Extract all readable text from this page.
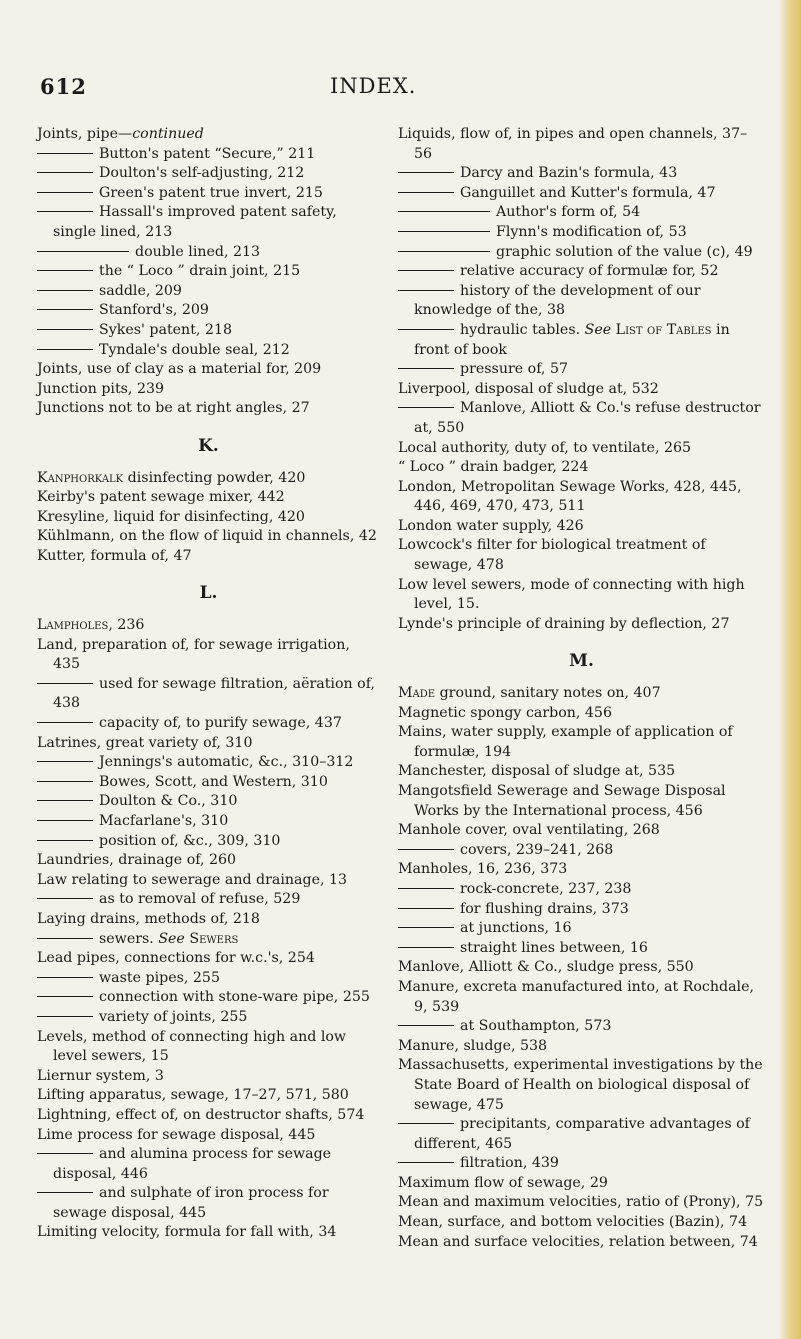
612	INDEX.

Joints, pipe—continued

Button's patent “Secure,” 211

Doulton's self-adjusting, 212

Green's patent true invert, 215

Hassall's improved patent safety, single lined, 213

double lined, 213

the “ Loco ” drain joint, 215

saddle, 209

Stanford's, 209

Sykes' patent, 218

Tyndale's double seal, 212

Joints, use of clay as a material for, 209

Junction pits, 239

Junctions not to be at right angles, 27

K.

Kanphorkalk disinfecting powder, 420

Keirby's patent sewage mixer, 442

Kresyline, liquid for disinfecting, 420

Kühlmann, on the flow of liquid in channels, 42

Kutter, formula of, 47

L.

Lampholes, 236

Land, preparation of, for sewage irrigation, 435

used for sewage filtration, aëration of, 438

capacity of, to purify sewage, 437

Latrines, great variety of, 310

Jennings's automatic, &c., 310–312

Bowes, Scott, and Western, 310

Doulton & Co., 310

Macfarlane's, 310

position of, &c., 309, 310

Laundries, drainage of, 260

Law relating to sewerage and drainage, 13

as to removal of refuse, 529

Laying drains, methods of, 218

sewers. See Sewers

Lead pipes, connections for w.c.'s, 254

waste pipes, 255

connection with stone-ware pipe, 255

variety of joints, 255

Levels, method of connecting high and low level sewers, 15

Liernur system, 3

Lifting apparatus, sewage, 17–27, 571, 580

Lightning, effect of, on destructor shafts, 574

Lime process for sewage disposal, 445

and alumina process for sewage disposal, 446

and sulphate of iron process for sewage disposal, 445

Limiting velocity, formula for fall with, 34

Liquids, flow of, in pipes and open channels, 37–56

Darcy and Bazin's formula, 43

Ganguillet and Kutter's formula, 47

Author's form of, 54

Flynn's modification of, 53

graphic solution of the value (c), 49

relative accuracy of formulæ for, 52

history of the development of our knowledge of the, 38

hydraulic tables. See List of Tables in front of book

pressure of, 57

Liverpool, disposal of sludge at, 532

Manlove, Alliott & Co.'s refuse destructor at, 550

Local authority, duty of, to ventilate, 265

“ Loco ” drain badger, 224

London, Metropolitan Sewage Works, 428, 445, 446, 469, 470, 473, 511

London water supply, 426

Lowcock's filter for biological treatment of sewage, 478

Low level sewers, mode of connecting with high level, 15.

Lynde's principle of draining by deflection, 27

M.

Made ground, sanitary notes on, 407

Magnetic spongy carbon, 456

Mains, water supply, example of application of formulæ, 194

Manchester, disposal of sludge at, 535

Mangotsfield Sewerage and Sewage Disposal Works by the International process, 456

Manhole cover, oval ventilating, 268

covers, 239–241, 268

Manholes, 16, 236, 373

rock-concrete, 237, 238

for flushing drains, 373

at junctions, 16

straight lines between, 16

Manlove, Alliott & Co., sludge press, 550

Manure, excreta manufactured into, at Rochdale, 9, 539

at Southampton, 573

Manure, sludge, 538

Massachusetts, experimental investigations by the State Board of Health on biological disposal of sewage, 475

precipitants, comparative advantages of different, 465

filtration, 439

Maximum flow of sewage, 29

Mean and maximum velocities, ratio of (Prony), 75

Mean, surface, and bottom velocities (Bazin), 74

Mean and surface velocities, relation between, 74
